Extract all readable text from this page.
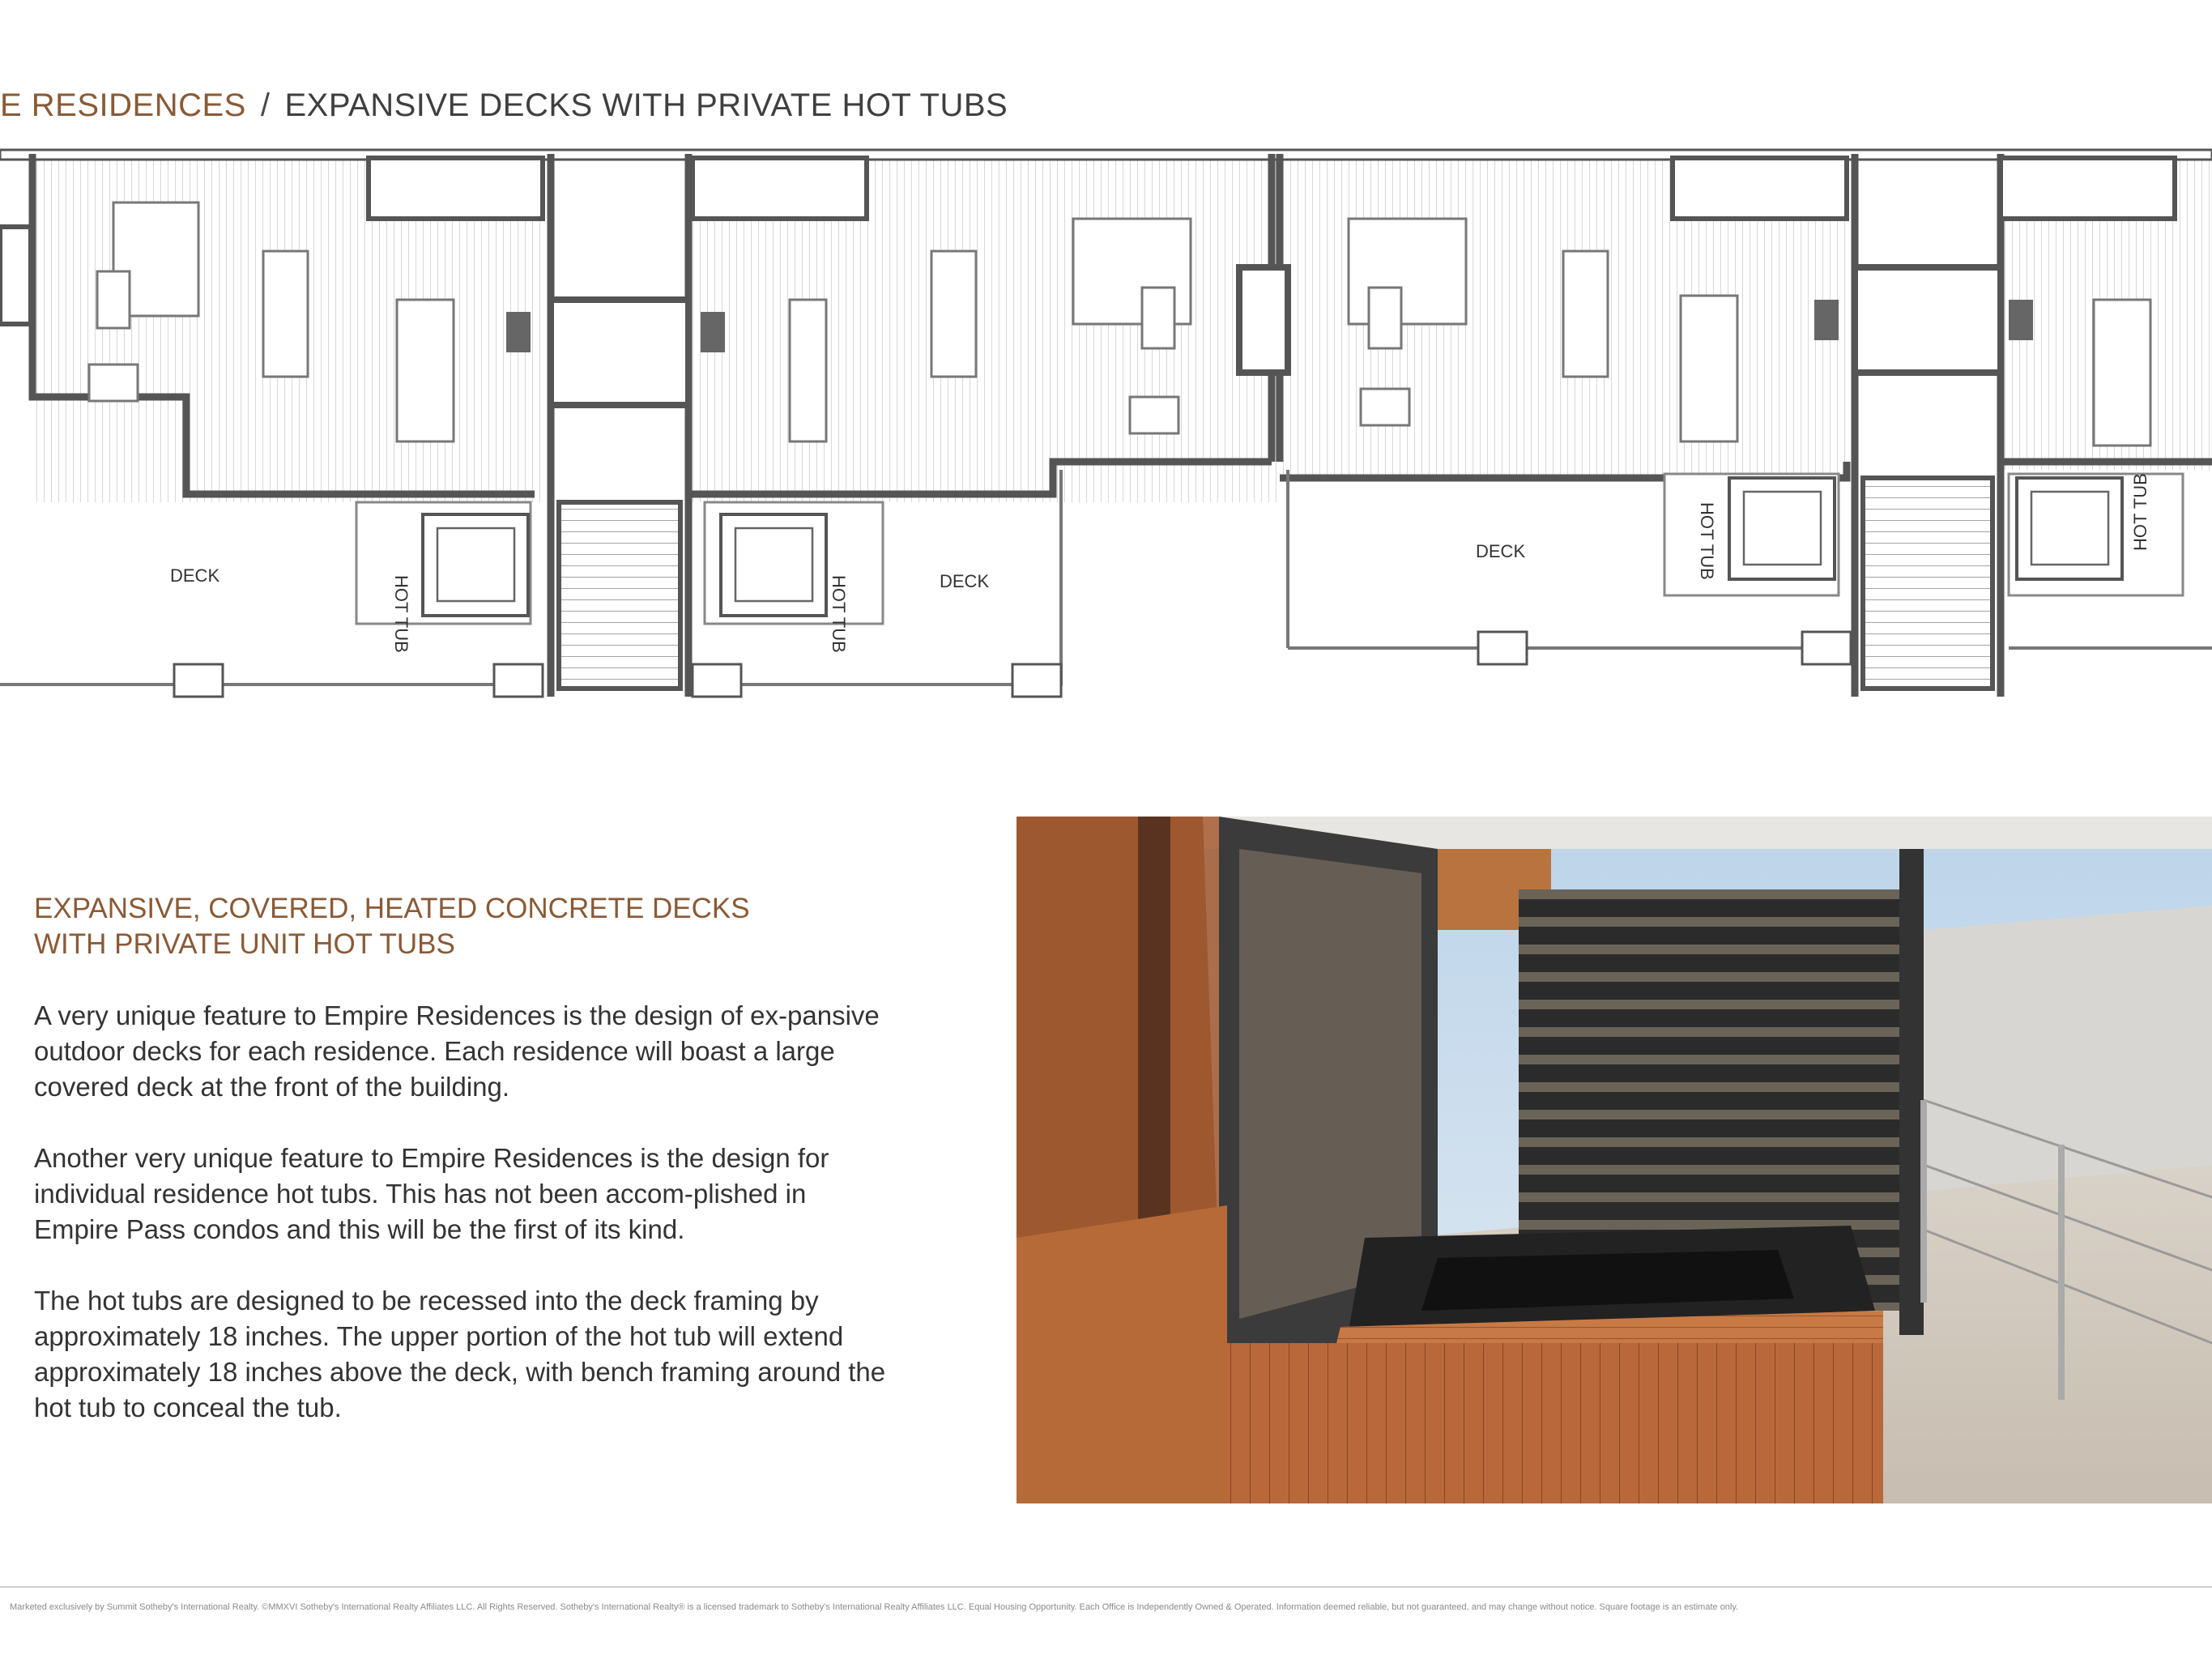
E RESIDENCES / EXPANSIVE DECKS WITH PRIVATE HOT TUBS
DECK	DECK
DECK
HOT TUB	HOT TUB
HOT TUB	HOT TUB
EXPANSIVE, COVERED, HEATED CONCRETE DECKS
WITH PRIVATE UNIT HOT TUBS
A very unique feature to Empire Residences is the design of ex-pansive outdoor decks for each residence. Each residence will boast a large covered deck at the front of the building.
Another very unique feature to Empire Residences is the design for individual residence hot tubs. This has not been accom-plished in Empire Pass condos and this will be the first of its kind.
The hot tubs are designed to be recessed into the deck framing by approximately 18 inches. The upper portion of the hot tub will extend approximately 18 inches above the deck, with bench framing around the hot tub to conceal the tub.
Marketed exclusively by Summit Sotheby's International Realty. ©MMXVI Sotheby's International Realty Affiliates LLC. All Rights Reserved. Sotheby's International Realty® is a licensed trademark to Sotheby's International Realty Affiliates LLC. Equal Housing Opportunity. Each Office is Independently Owned & Operated. Information deemed reliable, but not guaranteed, and may change without notice. Square footage is an estimate only.
